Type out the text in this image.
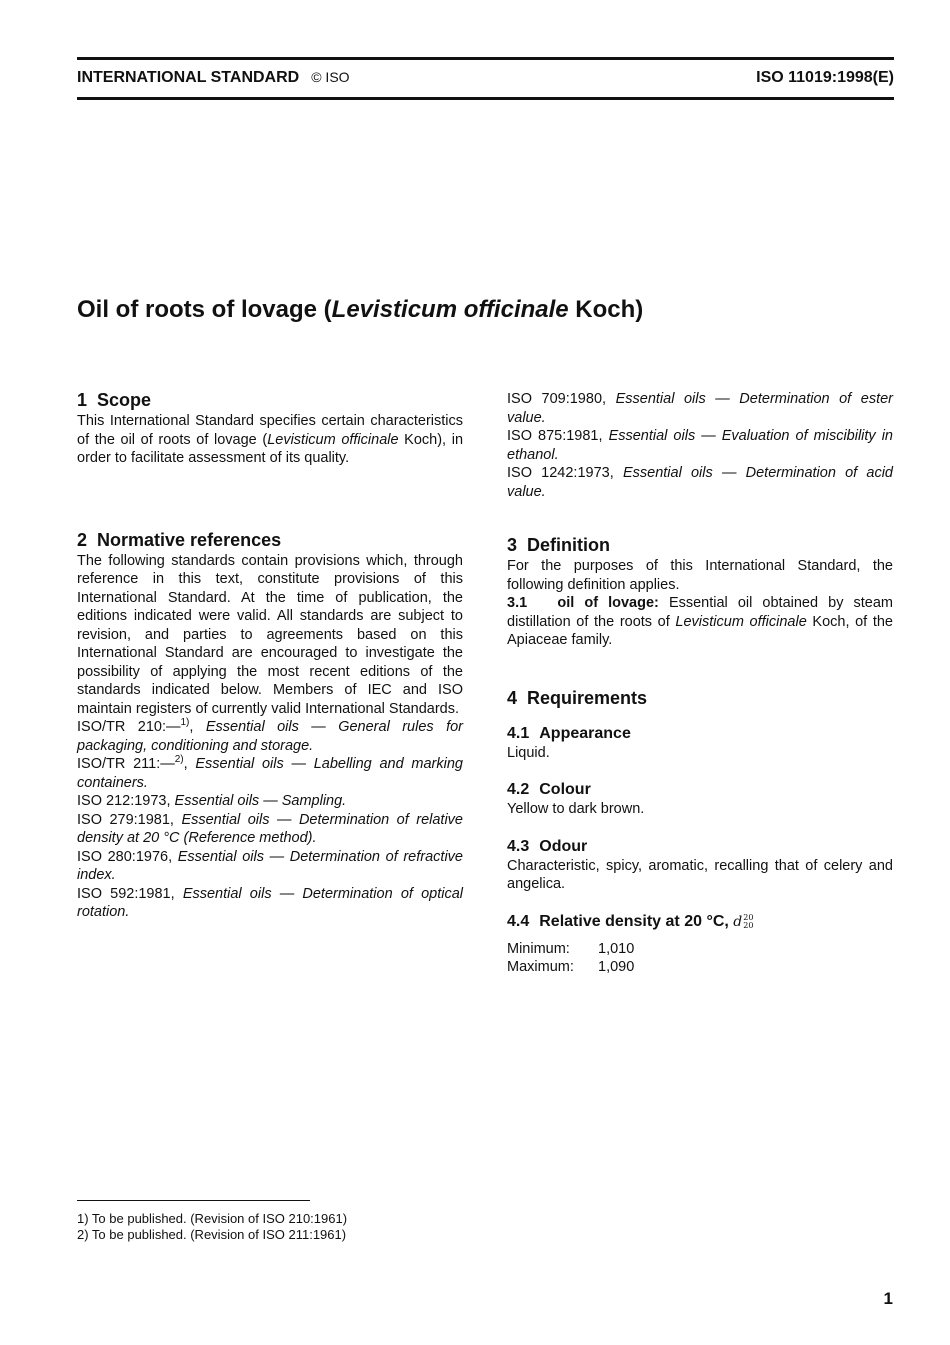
INTERNATIONAL STANDARD © ISO	ISO 11019:1998(E)
Oil of roots of lovage (Levisticum officinale Koch)
1 Scope

This International Standard specifies certain characteristics of the oil of roots of lovage (Levisticum officinale Koch), in order to facilitate assessment of its quality.

2 Normative references

The following standards contain provisions which, through reference in this text, constitute provisions of this International Standard. At the time of publication, the editions indicated were valid. All standards are subject to revision, and parties to agreements based on this International Standard are encouraged to investigate the possibility of applying the most recent editions of the standards indicated below. Members of IEC and ISO maintain registers of currently valid International Standards.

ISO/TR 210:—$^{1)}$, Essential oils — General rules for packaging, conditioning and storage.

ISO/TR 211:—$^{2)}$, Essential oils — Labelling and marking containers.

ISO 212:1973, Essential oils — Sampling.

ISO 279:1981, Essential oils — Determination of relative density at 20 °C (Reference method).

ISO 280:1976, Essential oils — Determination of refractive index.

ISO 592:1981, Essential oils — Determination of optical rotation.

ISO 709:1980, Essential oils — Determination of ester value.

ISO 875:1981, Essential oils — Evaluation of miscibility in ethanol.

ISO 1242:1973, Essential oils — Determination of acid value.

3 Definition

For the purposes of this International Standard, the following definition applies.

3.1 oil of lovage: Essential oil obtained by steam distillation of the roots of Levisticum officinale Koch, of the Apiaceae family.

4 Requirements
4.1 Appearance

Liquid.

4.2 Colour

Yellow to dark brown.

4.3 Odour

Characteristic, spicy, aromatic, recalling that of celery and angelica.

4.4 Relative density at 20 °C, d20
20
Minimum:	1,010
Maximum:	1,090
1) To be published. (Revision of ISO 210:1961)
2) To be published. (Revision of ISO 211:1961)
1
